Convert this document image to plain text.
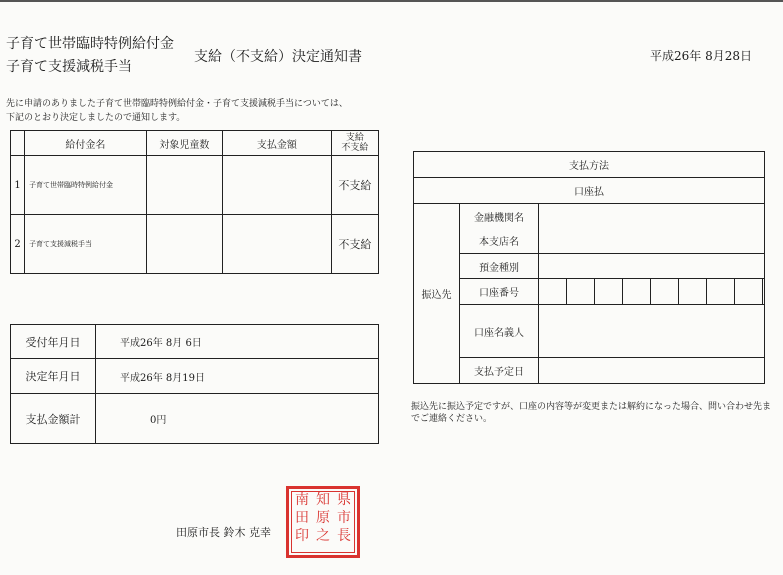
子育て世帯臨時特例給付金
子育て支援減税手当
支給（不支給）決定通知書	平成26年 8月28日
先に申請のありました子育て世帯臨時特例給付金・子育て支援減税手当については、
下記のとおり決定しましたので通知します。
	給付金名	対象児童数	支払金額	支給
不支給

1	子育て世帯臨時特例給付金			不支給
2	子育て支援減税手当			不支給
受付年月日	平成26年 8月 6日
決定年月日	平成26年 8月19日
支払金額計	0円
支払方法										
口座払										
振込先	金融機関名									
	本支店名									
	預金種別									
	口座番号									
	口座名義人									
	支払予定日									
振込先に振込予定ですが、口座の内容等が変更または解約になった場合、問い合わせ先までご連絡ください。
田原市長 鈴木 克幸
県
市
長
知
原
之
南
田
印
